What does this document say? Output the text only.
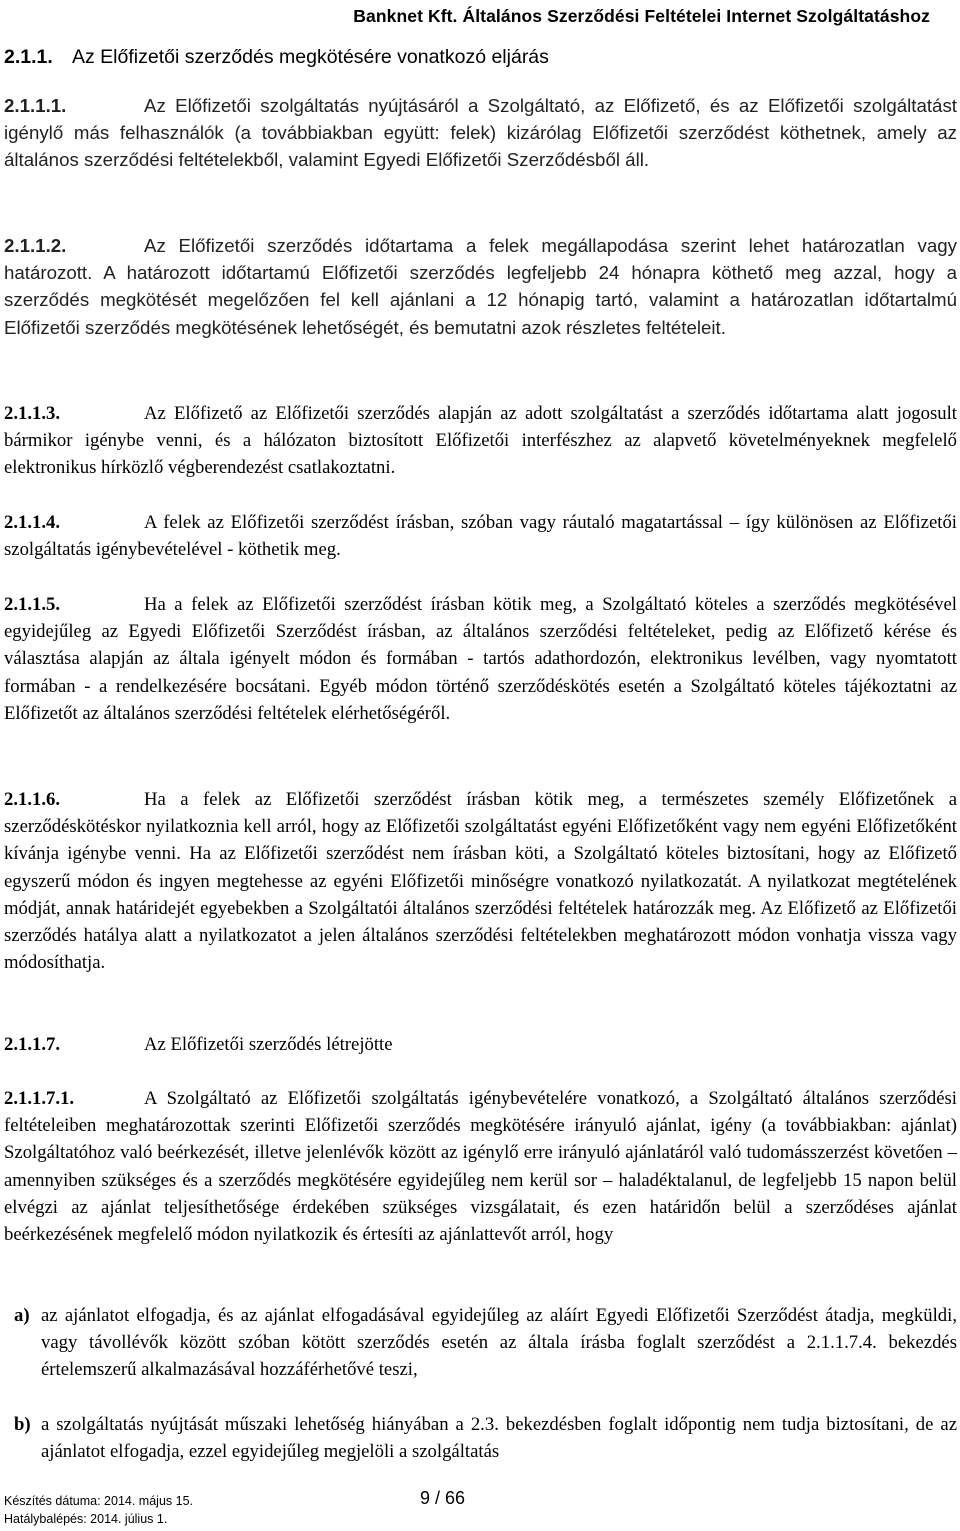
Banknet Kft. Általános Szerződési Feltételei Internet Szolgáltatáshoz
2.1.1. Az Előfizetői szerződés megkötésére vonatkozó eljárás
2.1.1.1.	Az Előfizetői szolgáltatás nyújtásáról a Szolgáltató, az Előfizető, és az Előfizetői szolgáltatást igénylő más felhasználók (a továbbiakban együtt: felek) kizárólag Előfizetői szerződést köthetnek, amely az általános szerződési feltételekből, valamint Egyedi Előfizetői Szerződésből áll.
2.1.1.2.	Az Előfizetői szerződés időtartama a felek megállapodása szerint lehet határozatlan vagy határozott. A határozott időtartamú Előfizetői szerződés legfeljebb 24 hónapra köthető meg azzal, hogy a szerződés megkötését megelőzően fel kell ajánlani a 12 hónapig tartó, valamint a határozatlan időtartalmú Előfizetői szerződés megkötésének lehetőségét, és bemutatni azok részletes feltételeit.
2.1.1.3.	Az Előfizető az Előfizetői szerződés alapján az adott szolgáltatást a szerződés időtartama alatt jogosult bármikor igénybe venni, és a hálózaton biztosított Előfizetői interfészhez az alapvető követelményeknek megfelelő elektronikus hírközlő végberendezést csatlakoztatni.
2.1.1.4.	A felek az Előfizetői szerződést írásban, szóban vagy ráutaló magatartással – így különösen az Előfizetői szolgáltatás igénybevételével - köthetik meg.
2.1.1.5.	Ha a felek az Előfizetői szerződést írásban kötik meg, a Szolgáltató köteles a szerződés megkötésével egyidejűleg az Egyedi Előfizetői Szerződést írásban, az általános szerződési feltételeket, pedig az Előfizető kérése és választása alapján az általa igényelt módon és formában - tartós adathordozón, elektronikus levélben, vagy nyomtatott formában - a rendelkezésére bocsátani. Egyéb módon történő szerződéskötés esetén a Szolgáltató köteles tájékoztatni az Előfizetőt az általános szerződési feltételek elérhetőségéről.
2.1.1.6.	Ha a felek az Előfizetői szerződést írásban kötik meg, a természetes személy Előfizetőnek a szerződéskötéskor nyilatkoznia kell arról, hogy az Előfizetői szolgáltatást egyéni Előfizetőként vagy nem egyéni Előfizetőként kívánja igénybe venni. Ha az Előfizetői szerződést nem írásban köti, a Szolgáltató köteles biztosítani, hogy az Előfizető egyszerű módon és ingyen megtehesse az egyéni Előfizetői minőségre vonatkozó nyilatkozatát. A nyilatkozat megtételének módját, annak határidejét egyebekben a Szolgáltatói általános szerződési feltételek határozzák meg. Az Előfizető az Előfizetői szerződés hatálya alatt a nyilatkozatot a jelen általános szerződési feltételekben meghatározott módon vonhatja vissza vagy módosíthatja.
2.1.1.7.	Az Előfizetői szerződés létrejötte
2.1.1.7.1.	A Szolgáltató az Előfizetői szolgáltatás igénybevételére vonatkozó, a Szolgáltató általános szerződési feltételeiben meghatározottak szerinti Előfizetői szerződés megkötésére irányuló ajánlat, igény (a továbbiakban: ajánlat) Szolgáltatóhoz való beérkezését, illetve jelenlévők között az igénylő erre irányuló ajánlatáról való tudomásszerzést követően – amennyiben szükséges és a szerződés megkötésére egyidejűleg nem kerül sor – haladéktalanul, de legfeljebb 15 napon belül elvégzi az ajánlat teljesíthetősége érdekében szükséges vizsgálatait, és ezen határidőn belül a szerződéses ajánlat beérkezésének megfelelő módon nyilatkozik és értesíti az ajánlattevőt arról, hogy
a) az ajánlatot elfogadja, és az ajánlat elfogadásával egyidejűleg az aláírt Egyedi Előfizetői Szerződést átadja, megküldi, vagy távollévők között szóban kötött szerződés esetén az általa írásba foglalt szerződést a 2.1.1.7.4. bekezdés értelemszerű alkalmazásával hozzáférhetővé teszi,
b) a szolgáltatás nyújtását műszaki lehetőség hiányában a 2.3. bekezdésben foglalt időpontig nem tudja biztosítani, de az ajánlatot elfogadja, ezzel egyidejűleg megjelöli a szolgáltatás
Készítés dátuma: 2014. május 15.
Hatálybalépés: 2014. július 1.
9 / 66
